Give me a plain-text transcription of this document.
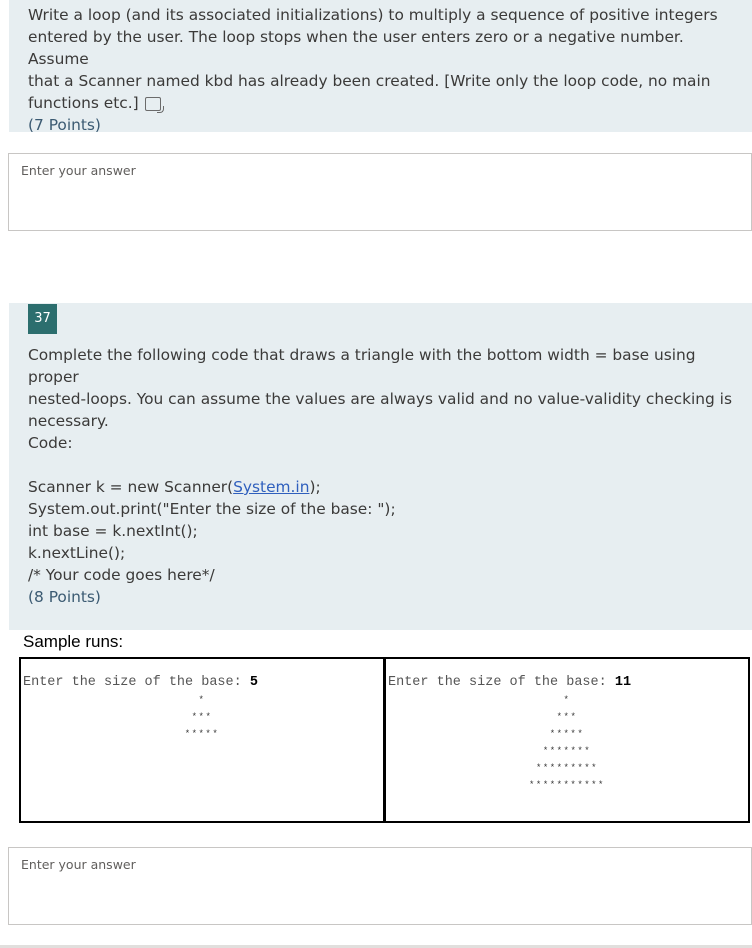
Write a loop (and its associated initializations) to multiply a sequence of positive integers
entered by the user. The loop stops when the user enters zero or a negative number. Assume
that a Scanner named kbd has already been created. [Write only the loop code, no main
functions etc.]
(7 Points)
Enter your answer
37
Complete the following code that draws a triangle with the bottom width = base using proper
nested-loops. You can assume the values are always valid and no value-validity checking is
necessary.
Code:
Scanner k = new Scanner(System.in);
System.out.print("Enter the size of the base: ");
int base = k.nextInt();
k.nextLine();
/* Your code goes here*/
(8 Points)
Sample runs:
Enter the size of the base: 5
*
***
*****
Enter the size of the base: 11
*
***
*****
*******
*********
***********
Enter your answer
